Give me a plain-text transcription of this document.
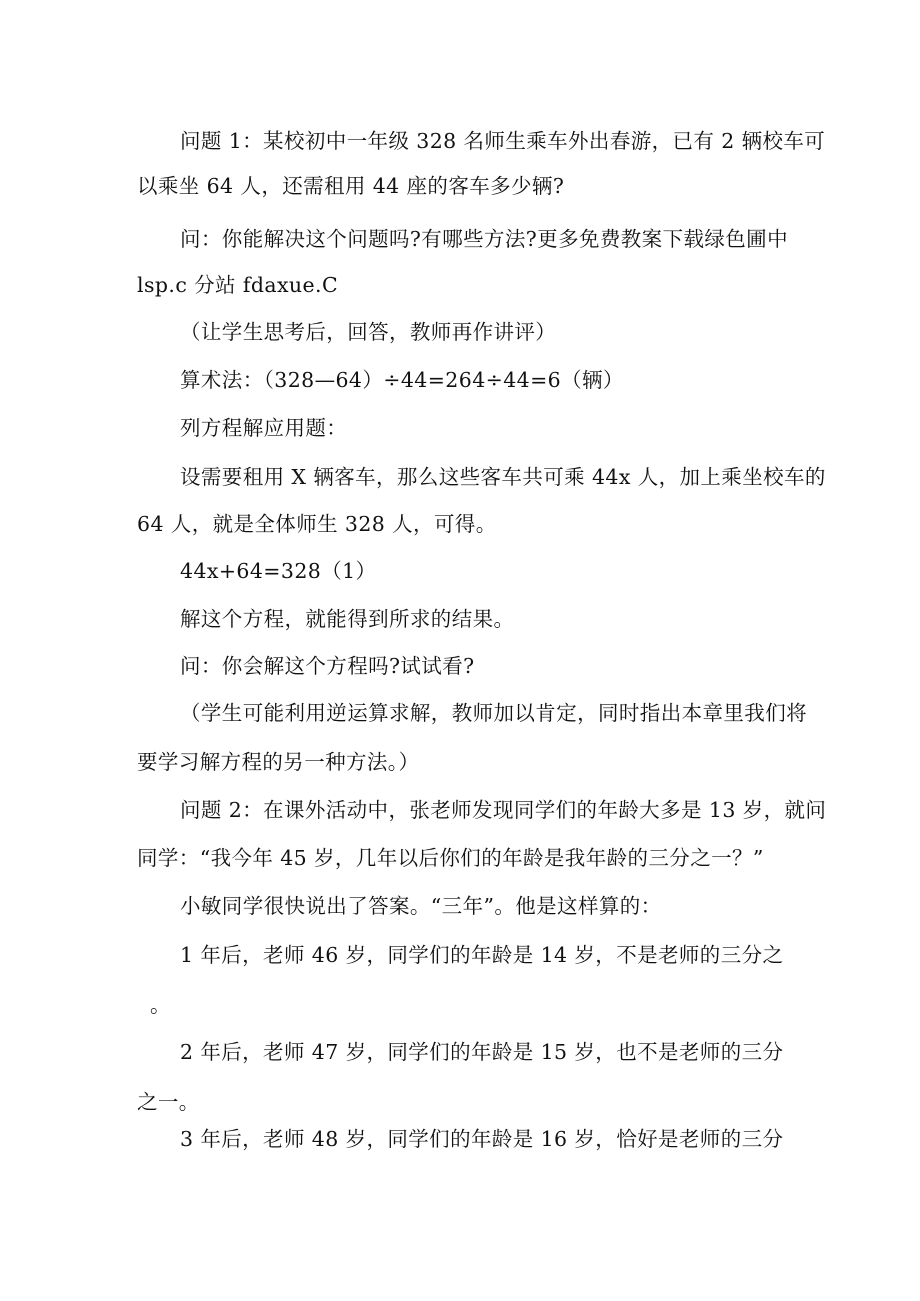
问题 1：某校初中一年级 328 名师生乘车外出春游，已有 2 辆校车可
以乘坐 64 人，还需租用 44 座的客车多少辆?
问：你能解决这个问题吗?有哪些方法?更多免费教案下载绿色圃中
lsp.c 分站 fdaxue.C
（让学生思考后，回答，教师再作讲评）
算术法：（328—64）÷44=264÷44=6（辆）
列方程解应用题：
设需要租用 X 辆客车，那么这些客车共可乘 44x 人，加上乘坐校车的
64 人，就是全体师生 328 人，可得。
44x+64=328（1）
解这个方程，就能得到所求的结果。
问：你会解这个方程吗?试试看?
（学生可能利用逆运算求解，教师加以肯定，同时指出本章里我们将
要学习解方程的另一种方法。）
问题 2：在课外活动中，张老师发现同学们的年龄大多是 13 岁，就问
同学：“我今年 45 岁，几年以后你们的年龄是我年龄的三分之一？”
小敏同学很快说出了答案。“三年”。他是这样算的：
1 年后，老师 46 岁，同学们的年龄是 14 岁，不是老师的三分之
。
2 年后，老师 47 岁，同学们的年龄是 15 岁，也不是老师的三分
之一。
3 年后，老师 48 岁，同学们的年龄是 16 岁，恰好是老师的三分
